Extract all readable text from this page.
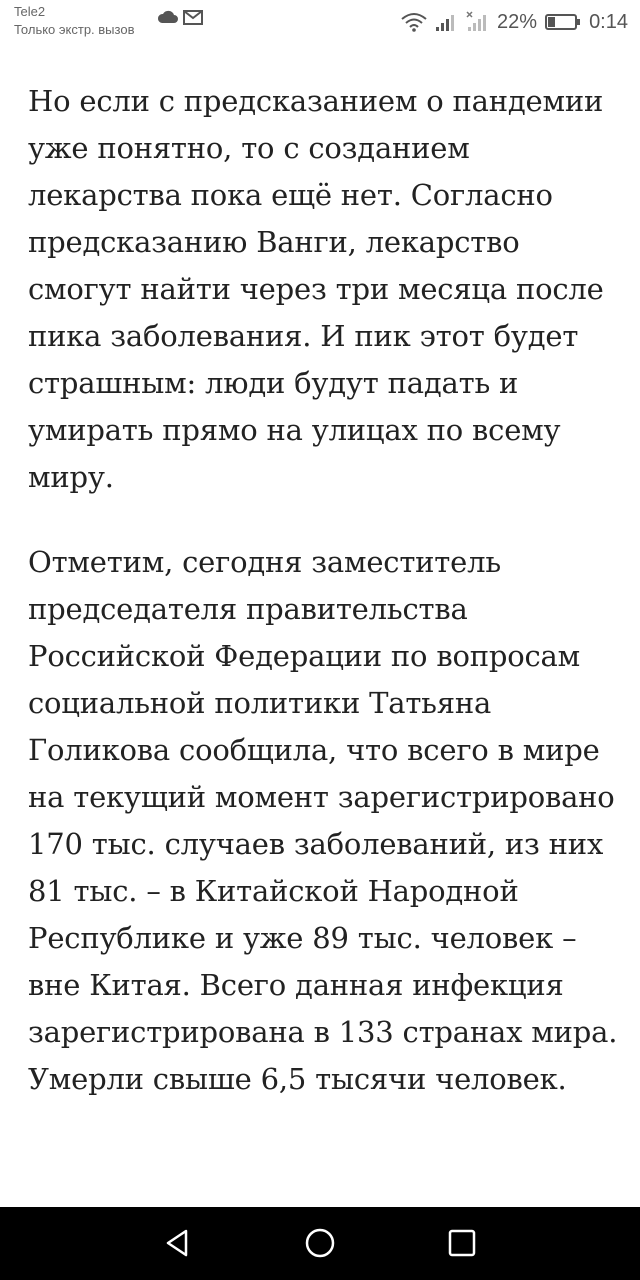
Tele2
Только экстр. вызов	22%	0:14

Но если с предсказанием о пандемии уже понятно, то с созданием лекарства пока ещё нет. Согласно предсказанию Ванги, лекарство смогут найти через три месяца после пика заболевания. И пик этот будет страшным: люди будут падать и умирать прямо на улицах по всему миру.

Отметим, сегодня заместитель председателя правительства Российской Федерации по вопросам социальной политики Татьяна Голикова сообщила, что всего в мире на текущий момент зарегистрировано 170 тыс. случаев заболеваний, из них 81 тыс. – в Китайской Народной Республике и уже 89 тыс. человек – вне Китая. Всего данная инфекция зарегистрирована в 133 странах мира. Умерли свыше 6,5 тысячи человек.
